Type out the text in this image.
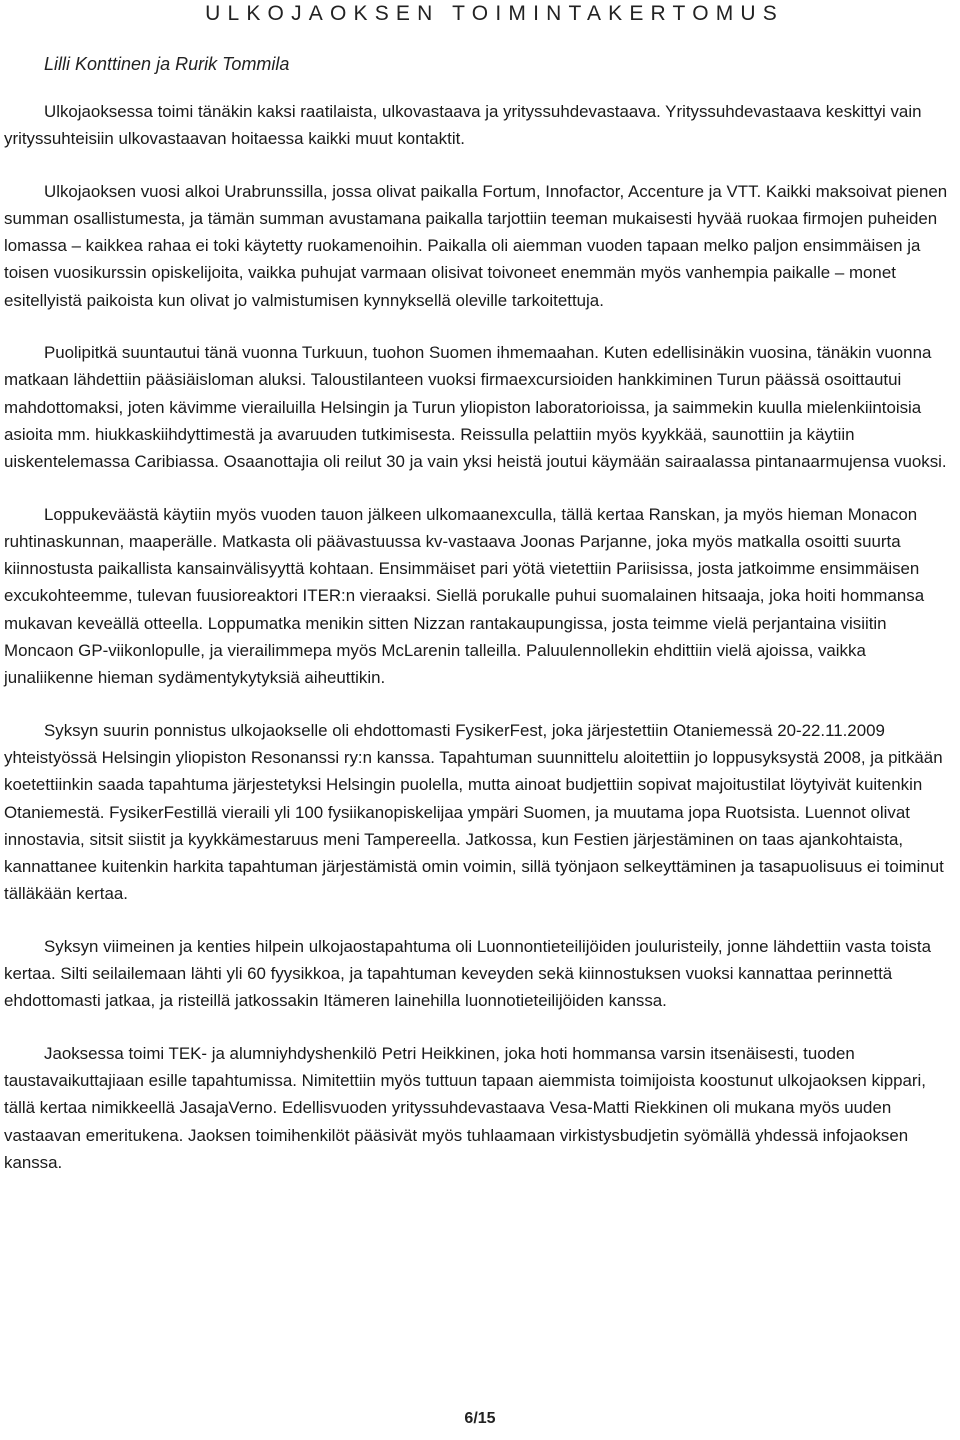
ULKOJAOKSEN TOIMINTAKERTOMUS
Lilli Konttinen ja Rurik Tommila

Ulkojaoksessa toimi tänäkin kaksi raatilaista, ulkovastaava ja yrityssuhdevastaava. Yrityssuhdevastaava keskittyi vain yrityssuhteisiin ulkovastaavan hoitaessa kaikki muut kontaktit.

Ulkojaoksen vuosi alkoi Urabrunssilla, jossa olivat paikalla Fortum, Innofactor, Accenture ja VTT. Kaikki maksoivat pienen summan osallistumesta, ja tämän summan avustamana paikalla tarjottiin teeman mukaisesti hyvää ruokaa firmojen puheiden lomassa – kaikkea rahaa ei toki käytetty ruokamenoihin. Paikalla oli aiemman vuoden tapaan melko paljon ensimmäisen ja toisen vuosikurssin opiskelijoita, vaikka puhujat varmaan olisivat toivoneet enemmän myös vanhempia paikalle – monet esitellyistä paikoista kun olivat jo valmistumisen kynnyksellä oleville tarkoitettuja.

Puolipitkä suuntautui tänä vuonna Turkuun, tuohon Suomen ihmemaahan. Kuten edellisinäkin vuosina, tänäkin vuonna matkaan lähdettiin pääsiäisloman aluksi. Taloustilanteen vuoksi firmaexcursioiden hankkiminen Turun päässä osoittautui mahdottomaksi, joten kävimme vierailuilla Helsingin ja Turun yliopiston laboratorioissa, ja saimmekin kuulla mielenkiintoisia asioita mm. hiukkaskiihdyttimestä ja avaruuden tutkimisesta. Reissulla pelattiin myös kyykkää, saunottiin ja käytiin uiskentelemassa Caribiassa. Osaanottajia oli reilut 30 ja vain yksi heistä joutui käymään sairaalassa pintanaarmujensa vuoksi.

Loppukeväästä käytiin myös vuoden tauon jälkeen ulkomaanexculla, tällä kertaa Ranskan, ja myös hieman Monacon ruhtinaskunnan, maaperälle. Matkasta oli päävastuussa kv-vastaava Joonas Parjanne, joka myös matkalla osoitti suurta kiinnostusta paikallista kansainvälisyyttä kohtaan. Ensimmäiset pari yötä vietettiin Pariisissa, josta jatkoimme ensimmäisen excukohteemme, tulevan fuusioreaktori ITER:n vieraaksi. Siellä porukalle puhui suomalainen hitsaaja, joka hoiti hommansa mukavan keveällä otteella. Loppumatka menikin sitten Nizzan rantakaupungissa, josta teimme vielä perjantaina visiitin Moncaon GP-viikonlopulle, ja vierailimmepa myös McLarenin talleilla. Paluulennollekin ehdittiin vielä ajoissa, vaikka junaliikenne hieman sydämentykytyksiä aiheuttikin.

Syksyn suurin ponnistus ulkojaokselle oli ehdottomasti FysikerFest, joka järjestettiin Otaniemessä 20-22.11.2009 yhteistyössä Helsingin yliopiston Resonanssi ry:n kanssa. Tapahtuman suunnittelu aloitettiin jo loppusyksystä 2008, ja pitkään koetettiinkin saada tapahtuma järjestetyksi Helsingin puolella, mutta ainoat budjettiin sopivat majoitustilat löytyivät kuitenkin Otaniemestä. FysikerFestillä vieraili yli 100 fysiikanopiskelijaa ympäri Suomen, ja muutama jopa Ruotsista. Luennot olivat innostavia, sitsit siistit ja kyykkämestaruus meni Tampereella. Jatkossa, kun Festien järjestäminen on taas ajankohtaista, kannattanee kuitenkin harkita tapahtuman järjestämistä omin voimin, sillä työnjaon selkeyttäminen ja tasapuolisuus ei toiminut tälläkään kertaa.

Syksyn viimeinen ja kenties hilpein ulkojaostapahtuma oli Luonnontieteilijöiden jouluristeily, jonne lähdettiin vasta toista kertaa. Silti seilailemaan lähti yli 60 fyysikkoa, ja tapahtuman keveyden sekä kiinnostuksen vuoksi kannattaa perinnettä ehdottomasti jatkaa, ja risteillä jatkossakin Itämeren lainehilla luonnotieteilijöiden kanssa.

Jaoksessa toimi TEK- ja alumniyhdyshenkilö Petri Heikkinen, joka hoti hommansa varsin itsenäisesti, tuoden taustavaikuttajiaan esille tapahtumissa. Nimitettiin myös tuttuun tapaan aiemmista toimijoista koostunut ulkojaoksen kippari, tällä kertaa nimikkeellä JasajaVerno. Edellisvuoden yrityssuhdevastaava Vesa-Matti Riekkinen oli mukana myös uuden vastaavan emeritukena. Jaoksen toimihenkilöt pääsivät myös tuhlaamaan virkistysbudjetin syömällä yhdessä infojaoksen kanssa.

6/15
